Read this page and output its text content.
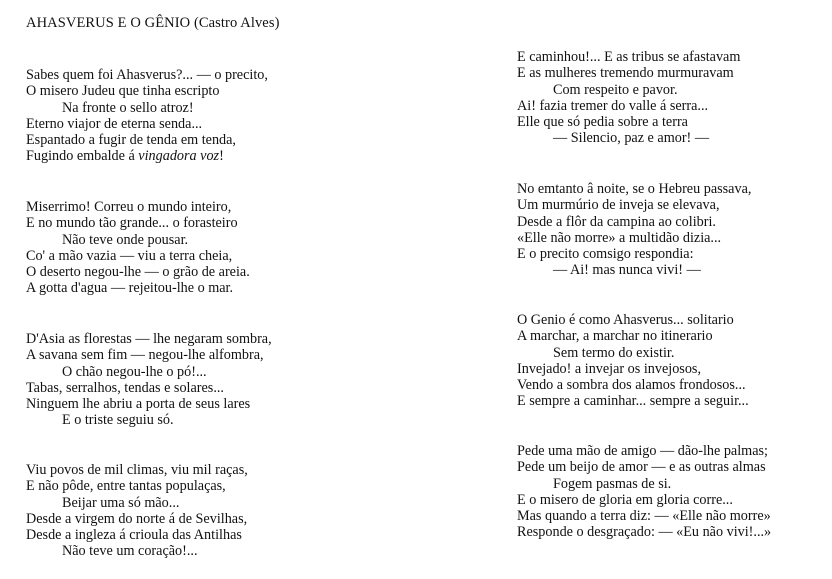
AHASVERUS E O GÊNIO (Castro Alves)
Sabes quem foi Ahasverus?... — o precito,
O misero Judeu que tinha escripto
Na fronte o sello atroz!
Eterno viajor de eterna senda...
Espantado a fugir de tenda em tenda,
Fugindo embalde á vingadora voz!
Miserrimo! Correu o mundo inteiro,
E no mundo tão grande... o forasteiro
Não teve onde pousar.
Co' a mão vazia — viu a terra cheia,
O deserto negou-lhe — o grão de areia.
A gotta d'agua — rejeitou-lhe o mar.
D'Asia as florestas — lhe negaram sombra,
A savana sem fim — negou-lhe alfombra,
O chão negou-lhe o pó!...
Tabas, serralhos, tendas e solares...
Ninguem lhe abriu a porta de seus lares
E o triste seguiu só.
Viu povos de mil climas, viu mil raças,
E não pôde, entre tantas populaças,
Beijar uma só mão...
Desde a virgem do norte á de Sevilhas,
Desde a ingleza á crioula das Antilhas
Não teve um coração!...
E caminhou!... E as tribus se afastavam
E as mulheres tremendo murmuravam
Com respeito e pavor.
Ai! fazia tremer do valle á serra...
Elle que só pedia sobre a terra
— Silencio, paz e amor! —
No emtanto â noite, se o Hebreu passava,
Um murmúrio de inveja se elevava,
Desde a flôr da campina ao colibri.
«Elle não morre» a multidão dizia...
E o precito comsigo respondia:
— Ai! mas nunca vivi! —
O Genio é como Ahasverus... solitario
A marchar, a marchar no itinerario
Sem termo do existir.
Invejado! a invejar os invejosos,
Vendo a sombra dos alamos frondosos...
E sempre a caminhar... sempre a seguir...
Pede uma mão de amigo — dão-lhe palmas;
Pede um beijo de amor — e as outras almas
Fogem pasmas de si.
E o misero de gloria em gloria corre...
Mas quando a terra diz: — «Elle não morre»
Responde o desgraçado: — «Eu não vivi!...»
